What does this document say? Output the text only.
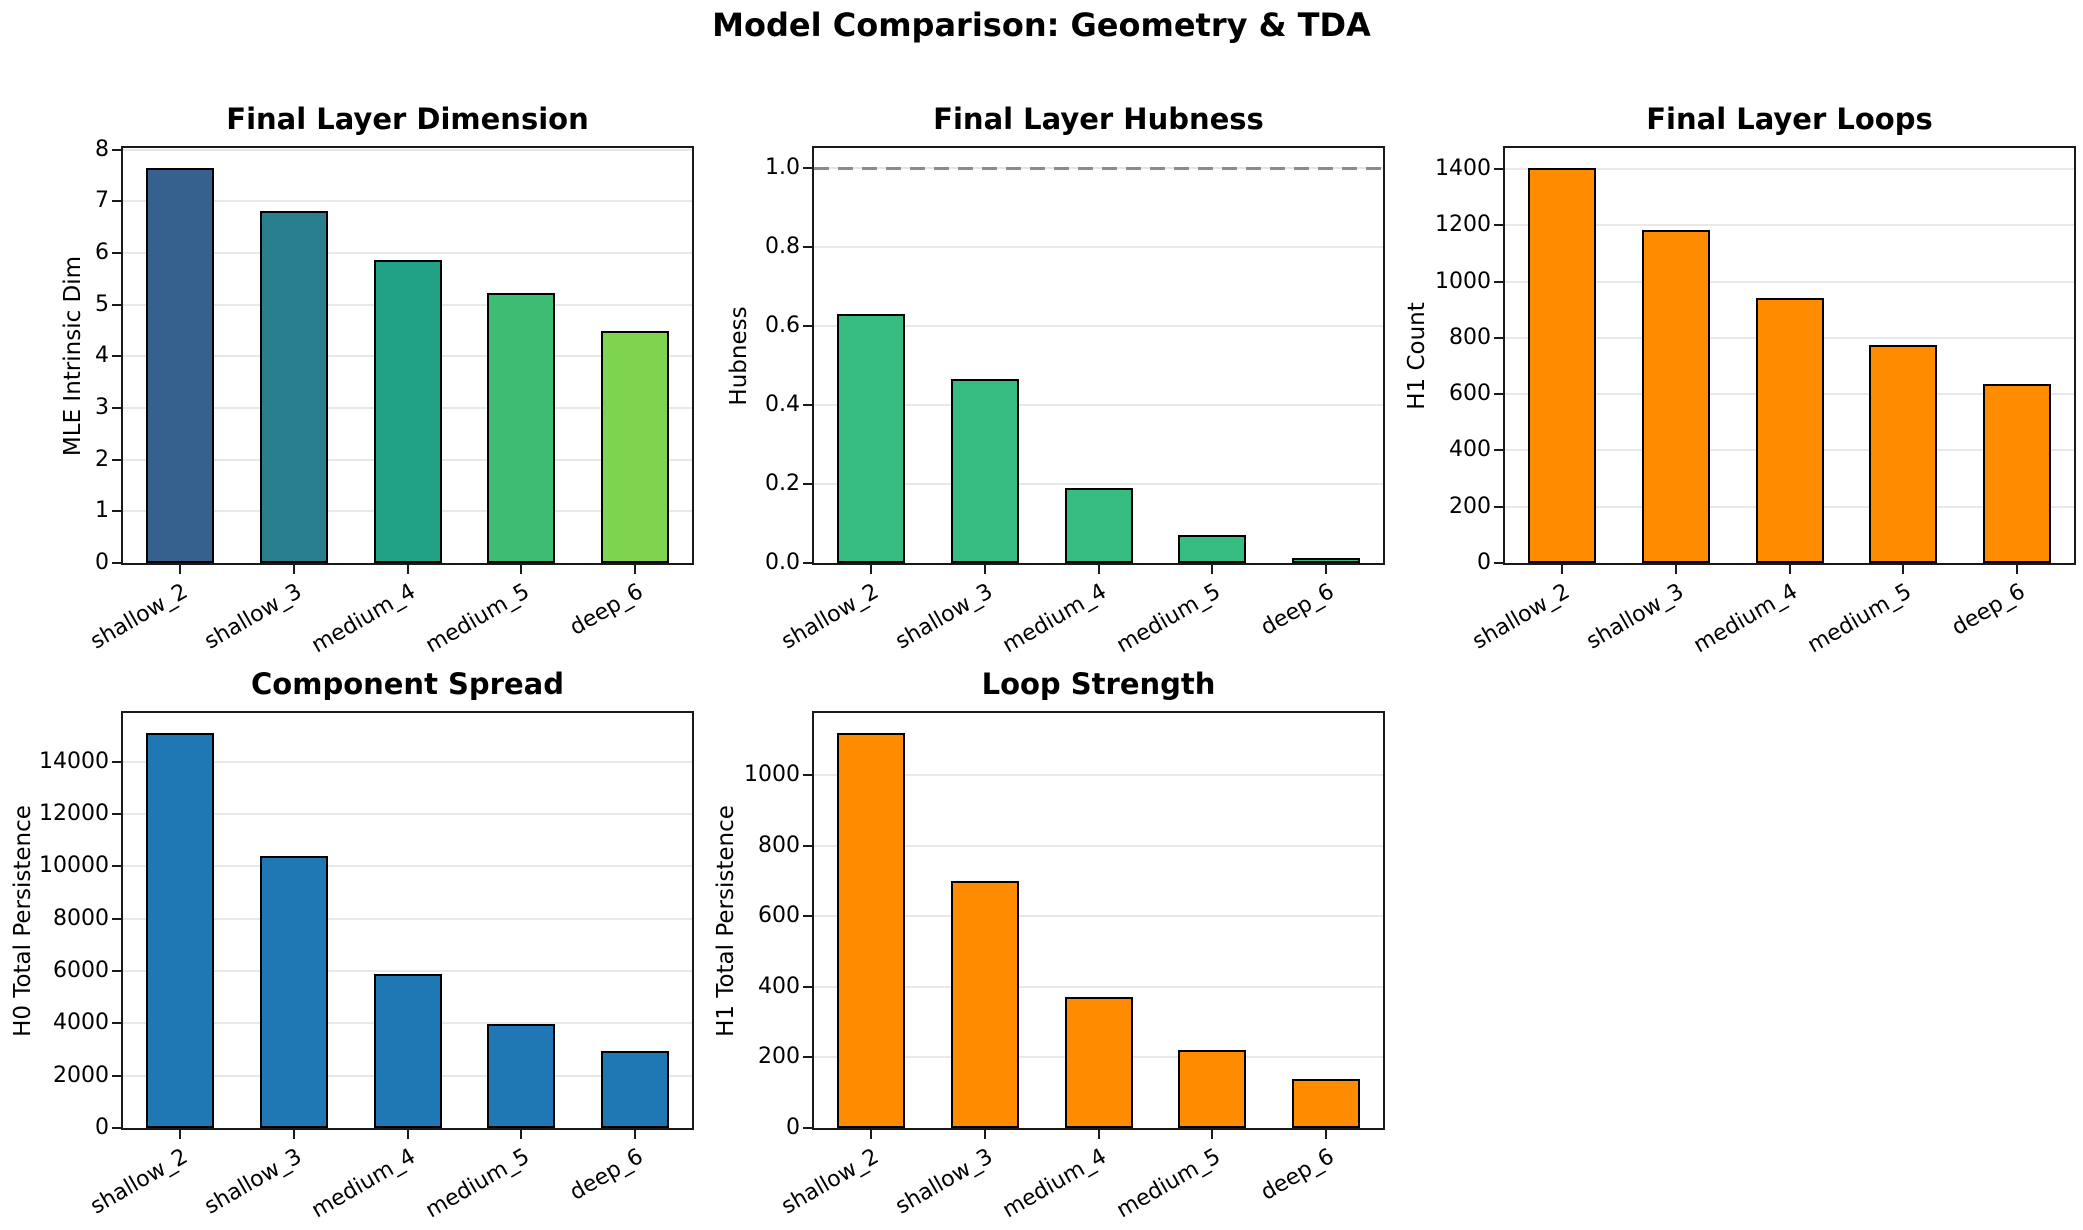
Model Comparison: Geometry & TDA
Final Layer Dimension
0
1
2
3
4
5
6
7
8
shallow_2 shallow_3 medium_4 medium_5 deep_6
MLE Intrinsic Dim
Final Layer Hubness
0.0
0.2
0.4
0.6
0.8
1.0
shallow_2 shallow_3 medium_4 medium_5 deep_6
Hubness
Final Layer Loops
0
200
400
600
800
1000
1200
1400
shallow_2 shallow_3 medium_4 medium_5 deep_6
H1 Count
Component Spread
0
2000
4000
6000
8000
10000
12000
14000
shallow_2 shallow_3 medium_4 medium_5 deep_6
H0 Total Persistence
Loop Strength
0
200
400
600
800
1000
shallow_2 shallow_3 medium_4 medium_5 deep_6
H1 Total Persistence
